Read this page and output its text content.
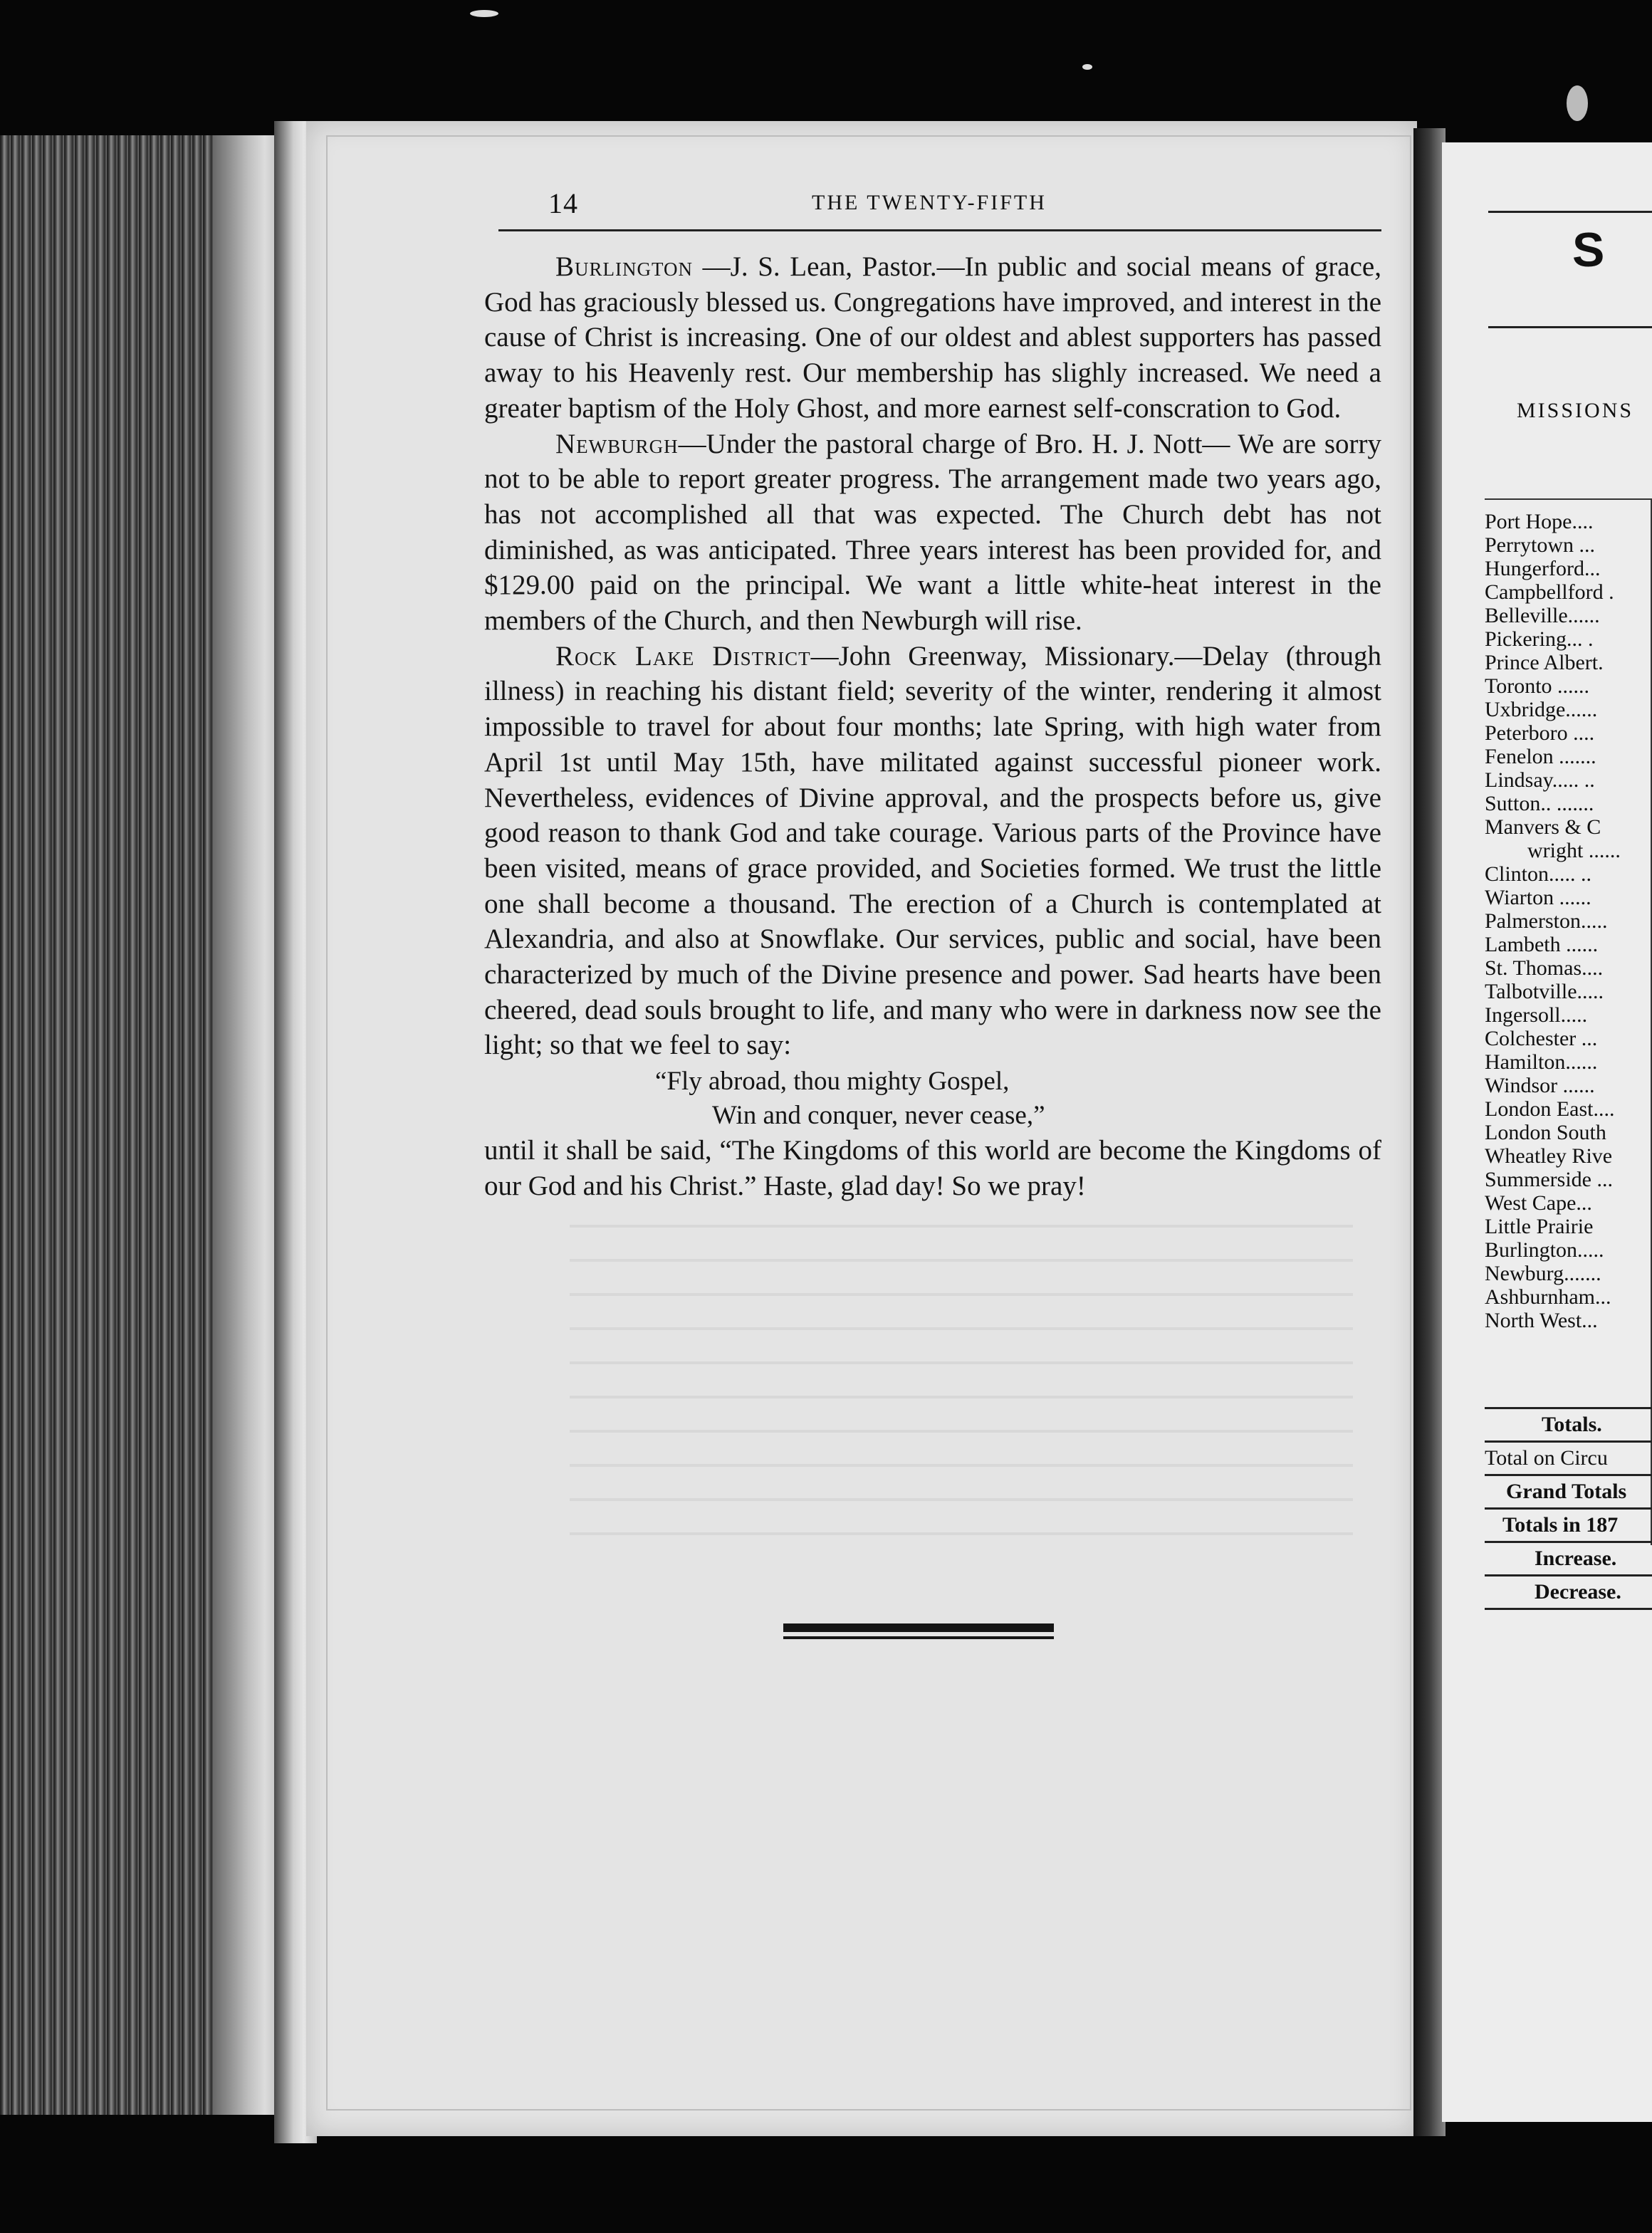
14	THE TWENTY-FIFTH

Burlington —J. S. Lean, Pastor.—In public and social means of grace, God has graciously blessed us. Congregations have improved, and interest in the cause of Christ is increasing. One of our oldest and ablest supporters has passed away to his Heavenly rest. Our membership has slighly increased. We need a greater baptism of the Holy Ghost, and more earnest self-conscration to God.

Newburgh—Under the pastoral charge of Bro. H. J. Nott— We are sorry not to be able to report greater progress. The arrangement made two years ago, has not accomplished all that was expected. The Church debt has not diminished, as was anticipated. Three years interest has been provided for, and $129.00 paid on the principal. We want a little white-heat interest in the members of the Church, and then Newburgh will rise.

Rock Lake District—John Greenway, Missionary.—Delay (through illness) in reaching his distant field; severity of the winter, rendering it almost impossible to travel for about four months; late Spring, with high water from April 1st until May 15th, have militated against successful pioneer work. Nevertheless, evidences of Divine approval, and the prospects before us, give good reason to thank God and take courage. Various parts of the Province have been visited, means of grace provided, and Societies formed. We trust the little one shall become a thousand. The erection of a Church is contemplated at Alexandria, and also at Snowflake. Our services, public and social, have been characterized by much of the Divine presence and power. Sad hearts have been cheered, dead souls brought to life, and many who were in darkness now see the light; so that we feel to say:

“Fly abroad, thou mighty Gospel,
Win and conquer, never cease,”

until it shall be said, “The Kingdoms of this world are become the Kingdoms of our God and his Christ.” Haste, glad day! So we pray!

S
MISSIONS
Port Hope....
Perrytown ...
Hungerford...
Campbellford .
Belleville......
Pickering... .
Prince Albert.
Toronto ......
Uxbridge......
Peterboro ....
Fenelon .......
Lindsay..... ..
Sutton.. .......
Manvers & C
wright ......
Clinton..... ..
Wiarton ......
Palmerston.....
Lambeth ......
St. Thomas....
Talbotville.....
Ingersoll.....
Colchester ...
Hamilton......
Windsor ......
London East....
London South
Wheatley Rive
Summerside ...
West Cape...
Little Prairie
Burlington.....
Newburg.......
Ashburnham...
North West...
Totals.
Total on Circu
Grand Totals
Totals in 187
Increase.
Decrease.
